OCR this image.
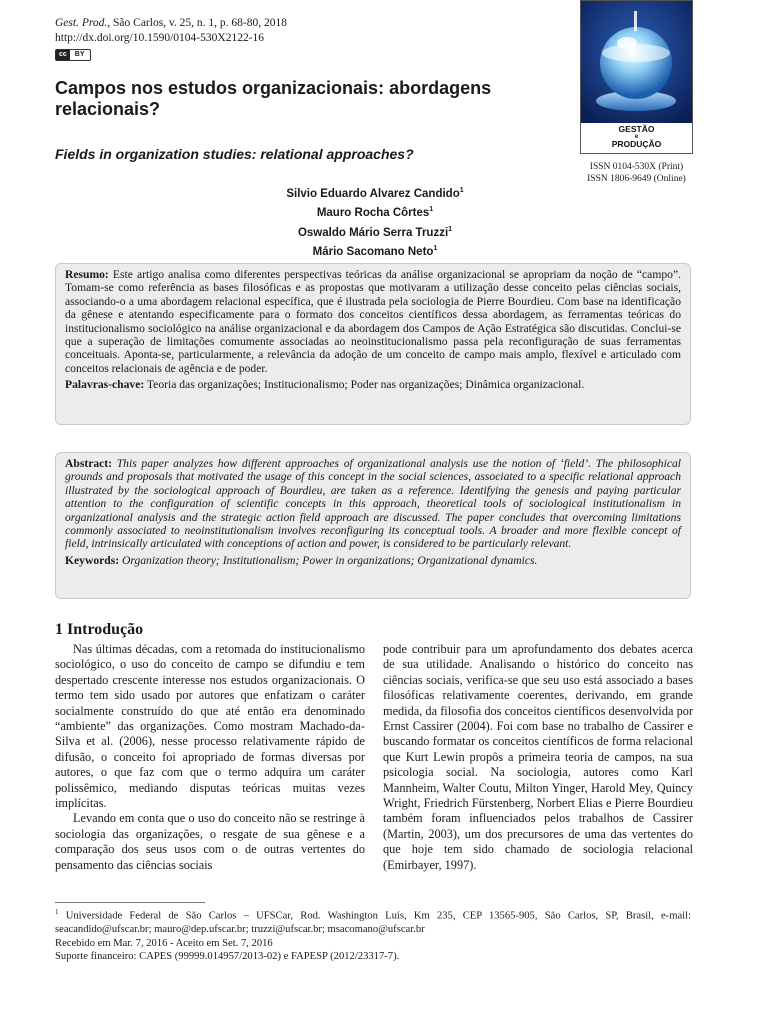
Gest. Prod., São Carlos, v. 25, n. 1, p. 68-80, 2018
http://dx.doi.org/10.1590/0104-530X2122-16
cc	BY
GESTÃO
e
PRODUÇÃO
ISSN 0104-530X (Print)
ISSN 1806-9649 (Online)
Campos nos estudos organizacionais: abordagens relacionais?
Fields in organization studies: relational approaches?
Silvio Eduardo Alvarez Candido$^1$
Mauro Rocha Côrtes$^1$
Oswaldo Mário Serra Truzzi$^1$
Mário Sacomano Neto$^1$

Resumo: Este artigo analisa como diferentes perspectivas teóricas da análise organizacional se apropriam da noção de “campo”. Tomam-se como referência as bases filosóficas e as propostas que motivaram a utilização desse conceito pelas ciências sociais, associando-o a uma abordagem relacional específica, que é ilustrada pela sociologia de Pierre Bourdieu. Com base na identificação da gênese e atentando especificamente para o formato dos conceitos científicos dessa abordagem, as ferramentas teóricas do institucionalismo sociológico na análise organizacional e da abordagem dos Campos de Ação Estratégica são discutidas. Conclui-se que a superação de limitações comumente associadas ao neoinstitucionalismo passa pela reconfiguração de suas ferramentas conceituais. Aponta-se, particularmente, a relevância da adoção de um conceito de campo mais amplo, flexível e articulado com conceitos relacionais de agência e de poder.

Palavras-chave: Teoria das organizações; Institucionalismo; Poder nas organizações; Dinâmica organizacional.

Abstract: This paper analyzes how different approaches of organizational analysis use the notion of ‘field’. The philosophical grounds and proposals that motivated the usage of this concept in the social sciences, associated to a specific relational approach illustrated by the sociological approach of Bourdieu, are taken as a reference. Identifying the genesis and paying particular attention to the configuration of scientific concepts in this approach, theoretical tools of sociological institutionalism in organizational analysis and the strategic action field approach are discussed. The paper concludes that overcoming limitations commonly associated to neoinstitutionalism involves reconfiguring its conceptual tools. A broader and more flexible concept of field, intrinsically articulated with conceptions of action and power, is considered to be particularly relevant.

Keywords: Organization theory; Institutionalism; Power in organizations; Organizational dynamics.

1 Introdução

Nas últimas décadas, com a retomada do institucionalismo sociológico, o uso do conceito de campo se difundiu e tem despertado crescente interesse nos estudos organizacionais. O termo tem sido usado por autores que enfatizam o caráter socialmente construído do que até então era denominado “ambiente” das organizações. Como mostram Machado-da-Silva et al. (2006), nesse processo relativamente rápido de difusão, o conceito foi apropriado de formas diversas por autores, o que faz com que o termo adquira um caráter polissêmico, mediando disputas teóricas muitas vezes implícitas.

Levando em conta que o uso do conceito não se restringe à sociologia das organizações, o resgate de sua gênese e a comparação dos seus usos com o de outras vertentes do pensamento das ciências sociais

pode contribuir para um aprofundamento dos debates acerca de sua utilidade. Analisando o histórico do conceito nas ciências sociais, verifica-se que seu uso está associado a bases filosóficas relativamente coerentes, derivando, em grande medida, da filosofia dos conceitos científicos desenvolvida por Ernst Cassirer (2004). Foi com base no trabalho de Cassirer e buscando formatar os conceitos científicos de forma relacional que Kurt Lewin propôs a primeira teoria de campos, na sua psicologia social. Na sociologia, autores como Karl Mannheim, Walter Coutu, Milton Yinger, Harold Mey, Quincy Wright, Friedrich Fürstenberg, Norbert Elias e Pierre Bourdieu também foram influenciados pelos trabalhos de Cassirer (Martin, 2003), um dos precursores de uma das vertentes do que hoje tem sido chamado de sociologia relacional (Emirbayer, 1997).

$^1$ Universidade Federal de São Carlos – UFSCar, Rod. Washington Luís, Km 235, CEP 13565-905, São Carlos, SP, Brasil, e-mail: seacandido@ufscar.br; mauro@dep.ufscar.br; truzzi@ufscar.br; msacomano@ufscar.br
Recebido em Mar. 7, 2016 - Aceito em Set. 7, 2016
Suporte financeiro: CAPES (99999.014957/2013-02) e FAPESP (2012/23317-7).
